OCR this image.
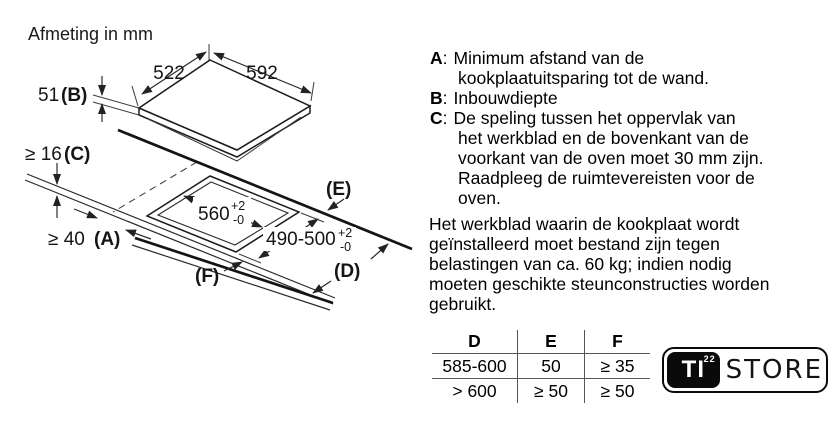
Afmeting in mm
522	592
51 (B)
≥ 16 (C)
≥ 40 (A)
560 +2
-0
490-500 +2
-0
(E)
(D)
(F)
A: Minimum afstand van de
kookplaatuitsparing tot de wand.
B: Inbouwdiepte
C: De speling tussen het oppervlak van
het werkblad en de bovenkant van de
voorkant van de oven moet 30 mm zijn.
Raadpleeg de ruimtevereisten voor de
oven.
Het werkblad waarin de kookplaat wordt
geïnstalleerd moet bestand zijn tegen
belastingen van ca. 60 kg; indien nodig
moeten geschikte steunconstructies worden
gebruikt.
D	E	F
585-600	50	≥ 35
> 600	≥ 50	≥ 50
TI
22 STORE
